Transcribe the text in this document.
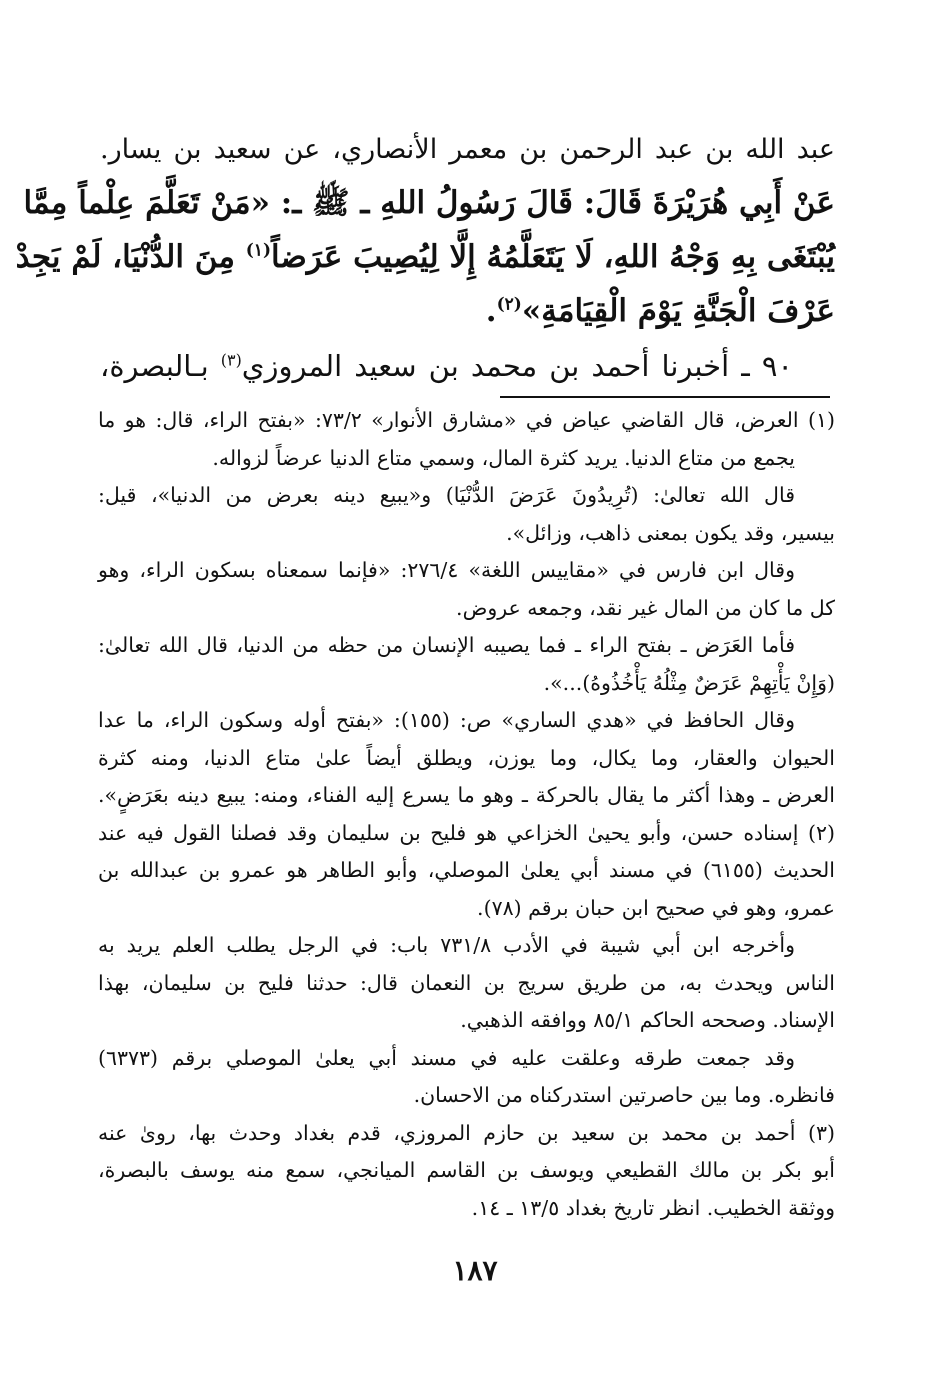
عبد الله بن عبد الرحمن بن معمر الأنصاري، عن سعيد بن يسار.
عَنْ أَبِي هُرَيْرَةَ قَالَ: قَالَ رَسُولُ اللهِ ـ ﷺ ـ: «مَنْ تَعَلَّمَ عِلْماً مِمَّا
يُبْتَغَى بِهِ وَجْهُ اللهِ، لَا يَتَعَلَّمُهُ إِلَّا لِيُصِيبَ عَرَضاً$^{(١)}$ مِنَ الدُّنْيَا، لَمْ يَجِدْ
عَرْفَ الْجَنَّةِ يَوْمَ الْقِيَامَةِ»$^{(٢)}$.
٩٠ ـ أخبرنا أحمد بن محمد بن سعيد المروزي$^{(٣)}$ بـالبصرة،
(١) العرض، قال القاضي عياض في «مشارق الأنوار» ٧٣/٢: «بفتح الراء، قال: هو ما
يجمع من متاع الدنيا. يريد كثرة المال، وسمي متاع الدنيا عرضاً لزواله.
قال الله تعالىٰ: (تُرِيدُونَ عَرَضَ الدُّنْيَا) و«يبيع دينه بعرض من الدنيا»، قيل:
بيسير، وقد يكون بمعنى ذاهب، وزائل».
وقال ابن فارس في «مقاييس اللغة» ٢٧٦/٤: «فإنما سمعناه بسكون الراء، وهو
كل ما كان من المال غير نقد، وجمعه عروض.
فأما العَرَض ـ بفتح الراء ـ فما يصيبه الإنسان من حظه من الدنيا، قال الله تعالىٰ:
(وَإِنْ يَأْتِهِمْ عَرَضٌ مِثْلُهُ يَأْخُذُوهُ)...».
وقال الحافظ في «هدي الساري» ص: (١٥٥): «بفتح أوله وسكون الراء، ما عدا
الحيوان والعقار، وما يكال، وما يوزن، ويطلق أيضاً علىٰ متاع الدنيا، ومنه كثرة
العرض ـ وهذا أكثر ما يقال بالحركة ـ وهو ما يسرع إليه الفناء، ومنه: يبيع دينه بعَرَضٍ».
(٢) إسناده حسن، وأبو يحيىٰ الخزاعي هو فليح بن سليمان وقد فصلنا القول فيه عند
الحديث (٦١٥٥) في مسند أبي يعلىٰ الموصلي، وأبو الطاهر هو عمرو بن عبدالله بن
عمرو، وهو في صحيح ابن حبان برقم (٧٨).
وأخرجه ابن أبي شيبة في الأدب ٧٣١/٨ باب: في الرجل يطلب العلم يريد به
الناس ويحدث به، من طريق سريج بن النعمان قال: حدثنا فليح بن سليمان، بهذا
الإسناد. وصححه الحاكم ٨٥/١ ووافقه الذهبي.
وقد جمعت طرقه وعلقت عليه في مسند أبي يعلىٰ الموصلي برقم (٦٣٧٣)
فانظره. وما بين حاصرتين استدركناه من الاحسان.
(٣) أحمد بن محمد بن سعيد بن حازم المروزي، قدم بغداد وحدث بها، روىٰ عنه
أبو بكر بن مالك القطيعي ويوسف بن القاسم الميانجي، سمع منه يوسف بالبصرة،
ووثقة الخطيب. انظر تاريخ بغداد ١٣/٥ ـ ١٤.
١٨٧
